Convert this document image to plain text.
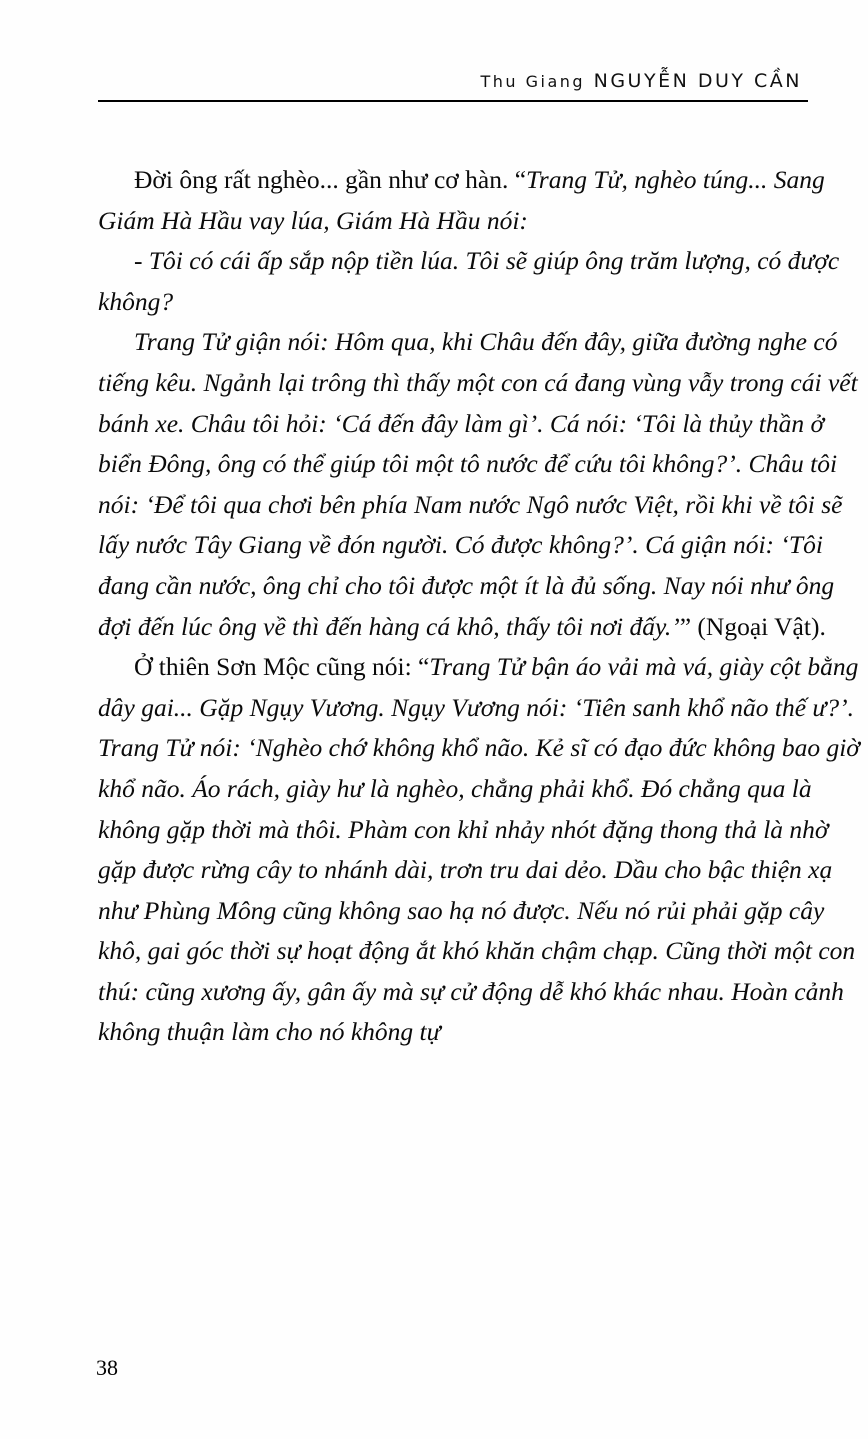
Thu Giang NGUYỄN DUY CẦN

Đời ông rất nghèo... gần như cơ hàn. “Trang Tử, nghèo túng... Sang Giám Hà Hầu vay lúa, Giám Hà Hầu nói:

- Tôi có cái ấp sắp nộp tiền lúa. Tôi sẽ giúp ông trăm lượng, có được không?

Trang Tử giận nói: Hôm qua, khi Châu đến đây, giữa đường nghe có tiếng kêu. Ngảnh lại trông thì thấy một con cá đang vùng vẫy trong cái vết bánh xe. Châu tôi hỏi: ‘Cá đến đây làm gì’. Cá nói: ‘Tôi là thủy thần ở biển Đông, ông có thể giúp tôi một tô nước để cứu tôi không?’. Châu tôi nói: ‘Để tôi qua chơi bên phía Nam nước Ngô nước Việt, rồi khi về tôi sẽ lấy nước Tây Giang về đón người. Có được không?’. Cá giận nói: ‘Tôi đang cần nước, ông chỉ cho tôi được một ít là đủ sống. Nay nói như ông đợi đến lúc ông về thì đến hàng cá khô, thấy tôi nơi đấy.’” (Ngoại Vật).

Ở thiên Sơn Mộc cũng nói: “Trang Tử bận áo vải mà vá, giày cột bằng dây gai... Gặp Ngụy Vương. Ngụy Vương nói: ‘Tiên sanh khổ não thế ư?’. Trang Tử nói: ‘Nghèo chớ không khổ não. Kẻ sĩ có đạo đức không bao giờ khổ não. Áo rách, giày hư là nghèo, chẳng phải khổ. Đó chẳng qua là không gặp thời mà thôi. Phàm con khỉ nhảy nhót đặng thong thả là nhờ gặp được rừng cây to nhánh dài, trơn tru dai dẻo. Dầu cho bậc thiện xạ như Phùng Mông cũng không sao hạ nó được. Nếu nó rủi phải gặp cây khô, gai góc thời sự hoạt động ắt khó khăn chậm chạp. Cũng thời một con thú: cũng xương ấy, gân ấy mà sự cử động dễ khó khác nhau. Hoàn cảnh không thuận làm cho nó không tự

38
